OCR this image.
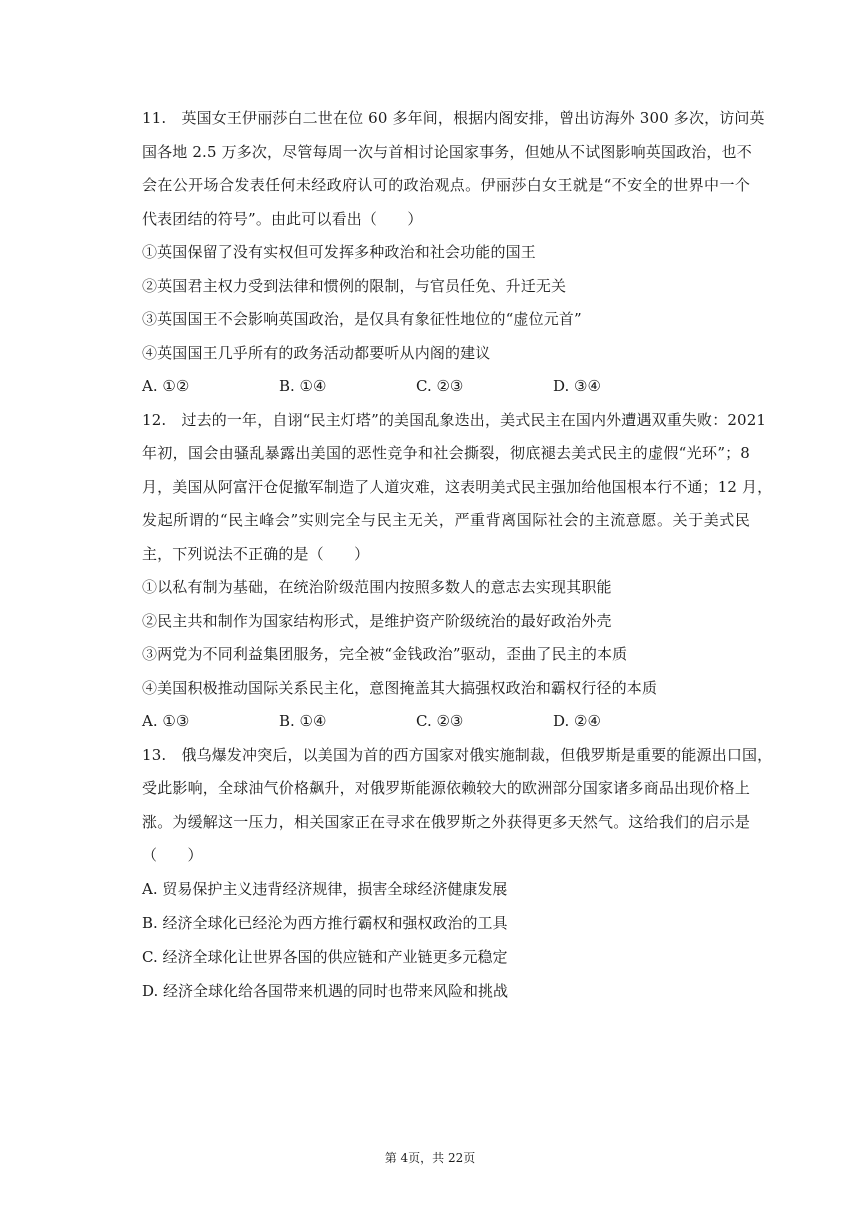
11.　英国女王伊丽莎白二世在位 60 多年间，根据内阁安排，曾出访海外 300 多次，访问英
国各地 2.5 万多次，尽管每周一次与首相讨论国家事务，但她从不试图影响英国政治，也不
会在公开场合发表任何未经政府认可的政治观点。伊丽莎白女王就是“不安全的世界中一个
代表团结的符号”。由此可以看出（　　）
①英国保留了没有实权但可发挥多种政治和社会功能的国王
②英国君主权力受到法律和惯例的限制，与官员任免、升迁无关
③英国国王不会影响英国政治，是仅具有象征性地位的“虚位元首”
④英国国王几乎所有的政务活动都要听从内阁的建议
A. ①②	B. ①④	C. ②③	D. ③④
12.　过去的一年，自诩“民主灯塔”的美国乱象迭出，美式民主在国内外遭遇双重失败：2021
年初，国会由骚乱暴露出美国的恶性竞争和社会撕裂，彻底褪去美式民主的虚假“光环”；8
月，美国从阿富汗仓促撤军制造了人道灾难，这表明美式民主强加给他国根本行不通；12 月，
发起所谓的“民主峰会”实则完全与民主无关，严重背离国际社会的主流意愿。关于美式民
主，下列说法不正确的是（　　）
①以私有制为基础，在统治阶级范围内按照多数人的意志去实现其职能
②民主共和制作为国家结构形式，是维护资产阶级统治的最好政治外壳
③两党为不同利益集团服务，完全被“金钱政治”驱动，歪曲了民主的本质
④美国积极推动国际关系民主化，意图掩盖其大搞强权政治和霸权行径的本质
A. ①③	B. ①④	C. ②③	D. ②④
13.　俄乌爆发冲突后，以美国为首的西方国家对俄实施制裁，但俄罗斯是重要的能源出口国，
受此影响，全球油气价格飙升，对俄罗斯能源依赖较大的欧洲部分国家诸多商品出现价格上
涨。为缓解这一压力，相关国家正在寻求在俄罗斯之外获得更多天然气。这给我们的启示是
（　　）
A. 贸易保护主义违背经济规律，损害全球经济健康发展
B. 经济全球化已经沦为西方推行霸权和强权政治的工具
C. 经济全球化让世界各国的供应链和产业链更多元稳定
D. 经济全球化给各国带来机遇的同时也带来风险和挑战
第 4页，共 22页
